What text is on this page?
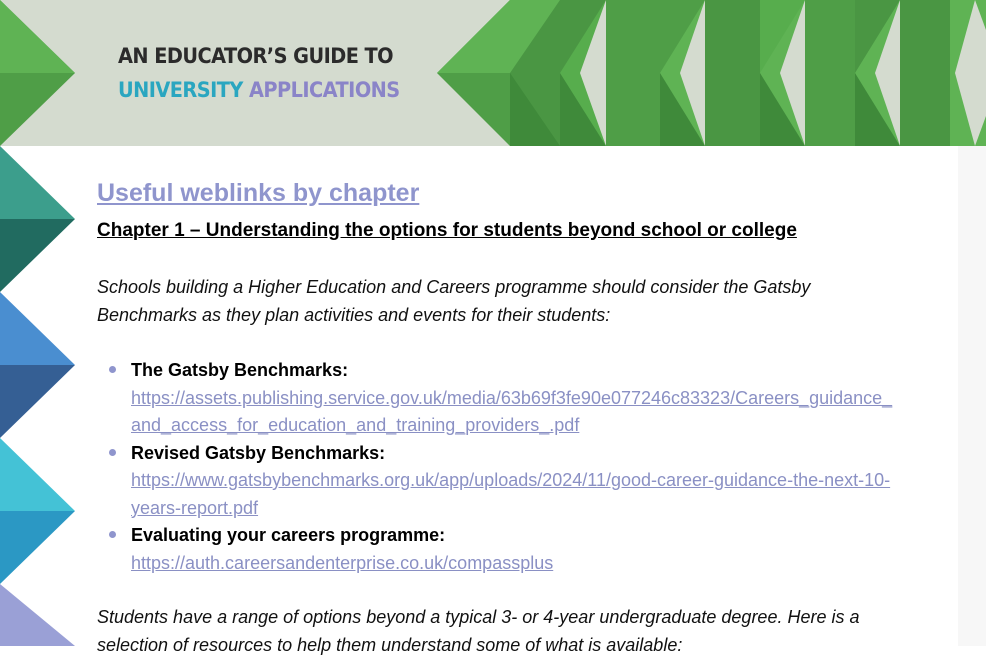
AN EDUCATOR’S GUIDE TO
UNIVERSITY APPLICATIONS
Useful weblinks by chapter
Chapter 1 – Understanding the options for students beyond school or college

Schools building a Higher Education and Careers programme should consider the Gatsby Benchmarks as they plan activities and events for their students:

The Gatsby Benchmarks:
https://assets.publishing.service.gov.uk/media/63b69f3fe90e077246c83323/Careers_guidance_and_access_for_education_and_training_providers_.pdf
Revised Gatsby Benchmarks:
https://www.gatsbybenchmarks.org.uk/app/uploads/2024/11/good-career-guidance-the-next-10-years-report.pdf
Evaluating your careers programme:
https://auth.careersandenterprise.co.uk/compassplus

Students have a range of options beyond a typical 3- or 4-year undergraduate degree. Here is a selection of resources to help them understand some of what is available:
